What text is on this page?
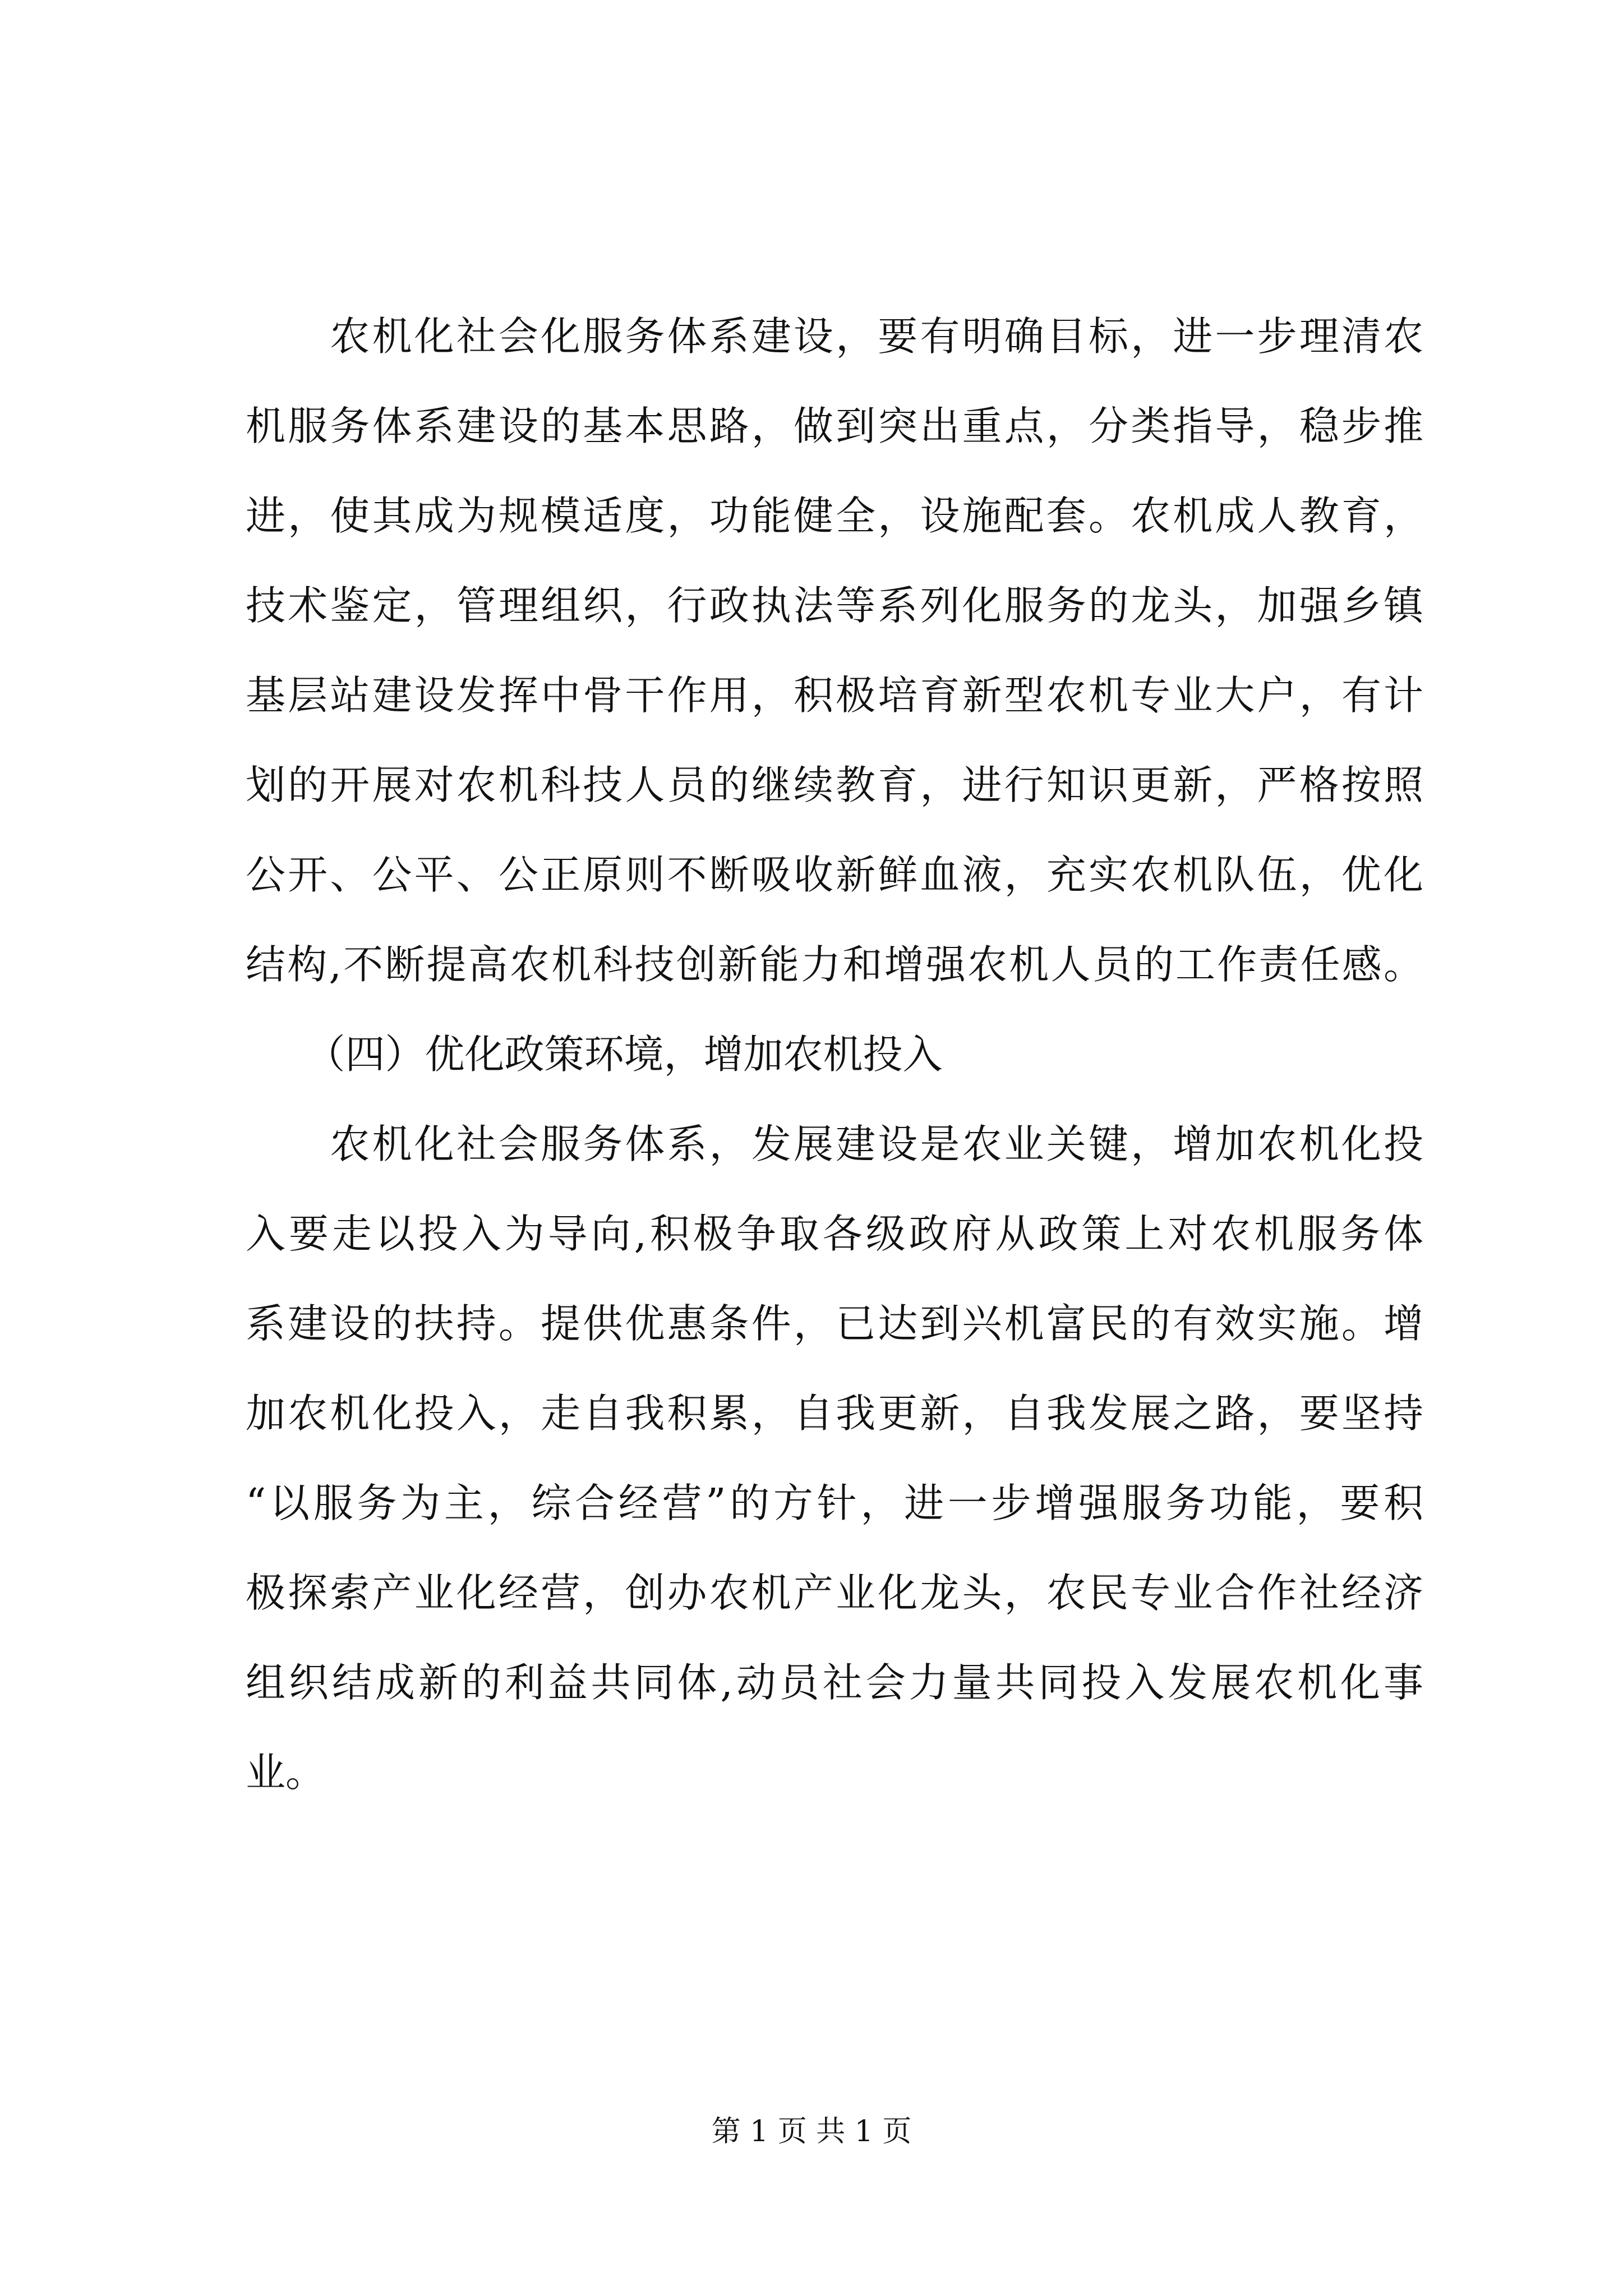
　　农机化社会化服务体系建设，要有明确目标，进一步理清农
机服务体系建设的基本思路，做到突出重点，分类指导，稳步推
进，使其成为规模适度，功能健全，设施配套。农机成人教育，
技术鉴定，管理组织，行政执法等系列化服务的龙头，加强乡镇
基层站建设发挥中骨干作用，积极培育新型农机专业大户，有计
划的开展对农机科技人员的继续教育，进行知识更新，严格按照
公开、公平、公正原则不断吸收新鲜血液，充实农机队伍，优化
结构,不断提高农机科技创新能力和增强农机人员的工作责任感。
　　（四）优化政策环境，增加农机投入
　　农机化社会服务体系，发展建设是农业关键，增加农机化投
入要走以投入为导向,积极争取各级政府从政策上对农机服务体
系建设的扶持。提供优惠条件，已达到兴机富民的有效实施。增
加农机化投入，走自我积累，自我更新，自我发展之路，要坚持
“以服务为主，综合经营”的方针，进一步增强服务功能，要积
极探索产业化经营，创办农机产业化龙头，农民专业合作社经济
组织结成新的利益共同体,动员社会力量共同投入发展农机化事
业。
第 1 页 共 1 页
